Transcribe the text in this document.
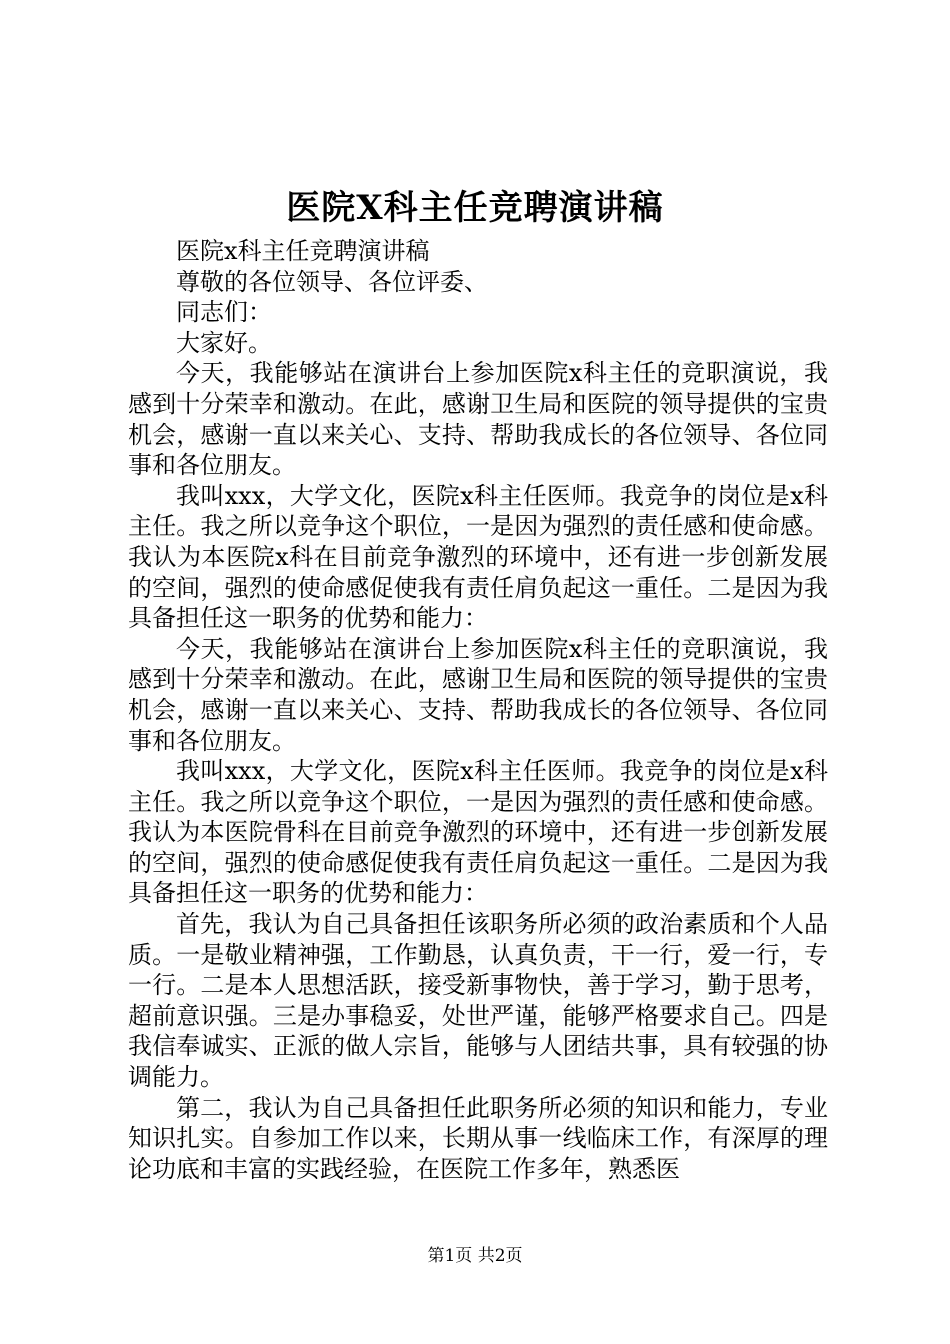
医院X科主任竞聘演讲稿

医院x科主任竞聘演讲稿

尊敬的各位领导、各位评委、

同志们：

大家好。

今天，我能够站在演讲台上参加医院x科主任的竞职演说，我感到十分荣幸和激动。在此，感谢卫生局和医院的领导提供的宝贵机会，感谢一直以来关心、支持、帮助我成长的各位领导、各位同事和各位朋友。

我叫xxx，大学文化，医院x科主任医师。我竞争的岗位是x科主任。我之所以竞争这个职位，一是因为强烈的责任感和使命感。我认为本医院x科在目前竞争激烈的环境中，还有进一步创新发展的空间，强烈的使命感促使我有责任肩负起这一重任。二是因为我具备担任这一职务的优势和能力：

今天，我能够站在演讲台上参加医院x科主任的竞职演说，我感到十分荣幸和激动。在此，感谢卫生局和医院的领导提供的宝贵机会，感谢一直以来关心、支持、帮助我成长的各位领导、各位同事和各位朋友。

我叫xxx，大学文化，医院x科主任医师。我竞争的岗位是x科主任。我之所以竞争这个职位，一是因为强烈的责任感和使命感。我认为本医院骨科在目前竞争激烈的环境中，还有进一步创新发展的空间，强烈的使命感促使我有责任肩负起这一重任。二是因为我具备担任这一职务的优势和能力：

首先，我认为自己具备担任该职务所必须的政治素质和个人品质。一是敬业精神强，工作勤恳，认真负责，干一行，爱一行，专一行。二是本人思想活跃，接受新事物快，善于学习，勤于思考，超前意识强。三是办事稳妥，处世严谨，能够严格要求自己。四是我信奉诚实、正派的做人宗旨，能够与人团结共事，具有较强的协调能力。

第二，我认为自己具备担任此职务所必须的知识和能力，专业知识扎实。自参加工作以来，长期从事一线临床工作，有深厚的理论功底和丰富的实践经验，在医院工作多年，熟悉医

第1页 共2页
